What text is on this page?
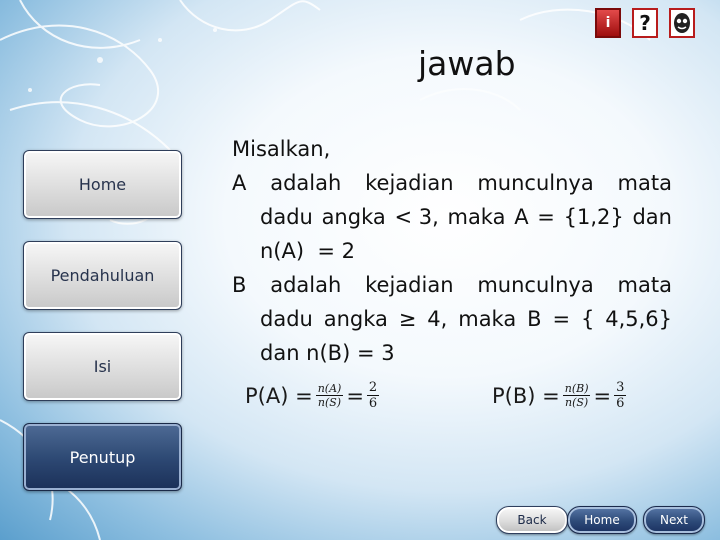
i ?
jawab
Home
Pendahuluan
Isi
Penutup
Misalkan,
A adalah kejadian munculnya mata
dadu angka < 3, maka A = {1,2} dan
n(A)  = 2
B adalah kejadian munculnya mata
dadu angka ≥ 4, maka B = { 4,5,6}
dan n(B) = 3
$P(A) = \frac{n(A)}{n(S)} = \frac{2}{6}$	$P(B) = \frac{n(B)}{n(S)} = \frac{3}{6}$
Back	Home	Next
